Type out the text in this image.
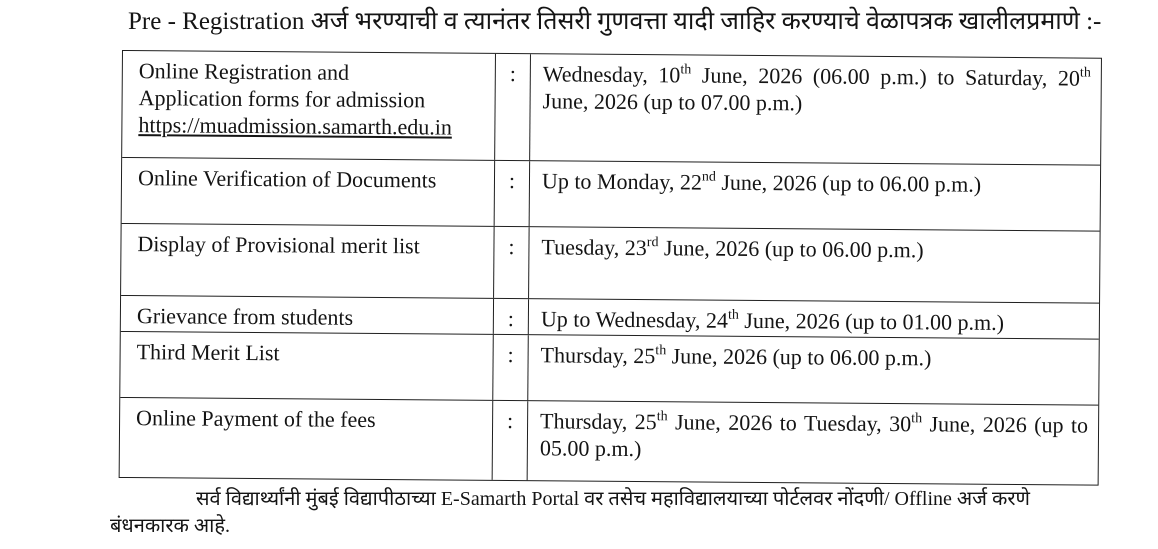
Pre - Registration अर्ज भरण्याची व त्यानंतर तिसरी गुणवत्ता यादी जाहिर करण्याचे वेळापत्रक खालीलप्रमाणे :-
Online Registration and
Application forms for admission
https://muadmission.samarth.edu.in
:	Wednesday, 10th June, 2026 (06.00 p.m.) to Saturday, 20th June, 2026 (up to 07.00 p.m.)
Online Verification of Documents	:	Up to Monday, 22nd June, 2026 (up to 06.00 p.m.)
Display of Provisional merit list	:	Tuesday, 23rd June, 2026 (up to 06.00 p.m.)
Grievance from students	:	Up to Wednesday, 24th June, 2026 (up to 01.00 p.m.)
Third Merit List	:	Thursday, 25th June, 2026 (up to 06.00 p.m.)
Online Payment of the fees	:	Thursday, 25th June, 2026 to Tuesday, 30th June, 2026 (up to 05.00 p.m.)
सर्व विद्यार्थ्यांनी मुंबई विद्यापीठाच्या E-Samarth Portal वर तसेच महाविद्यालयाच्या पोर्टलवर नोंदणी/ Offline अर्ज करणे
बंधनकारक आहे.
